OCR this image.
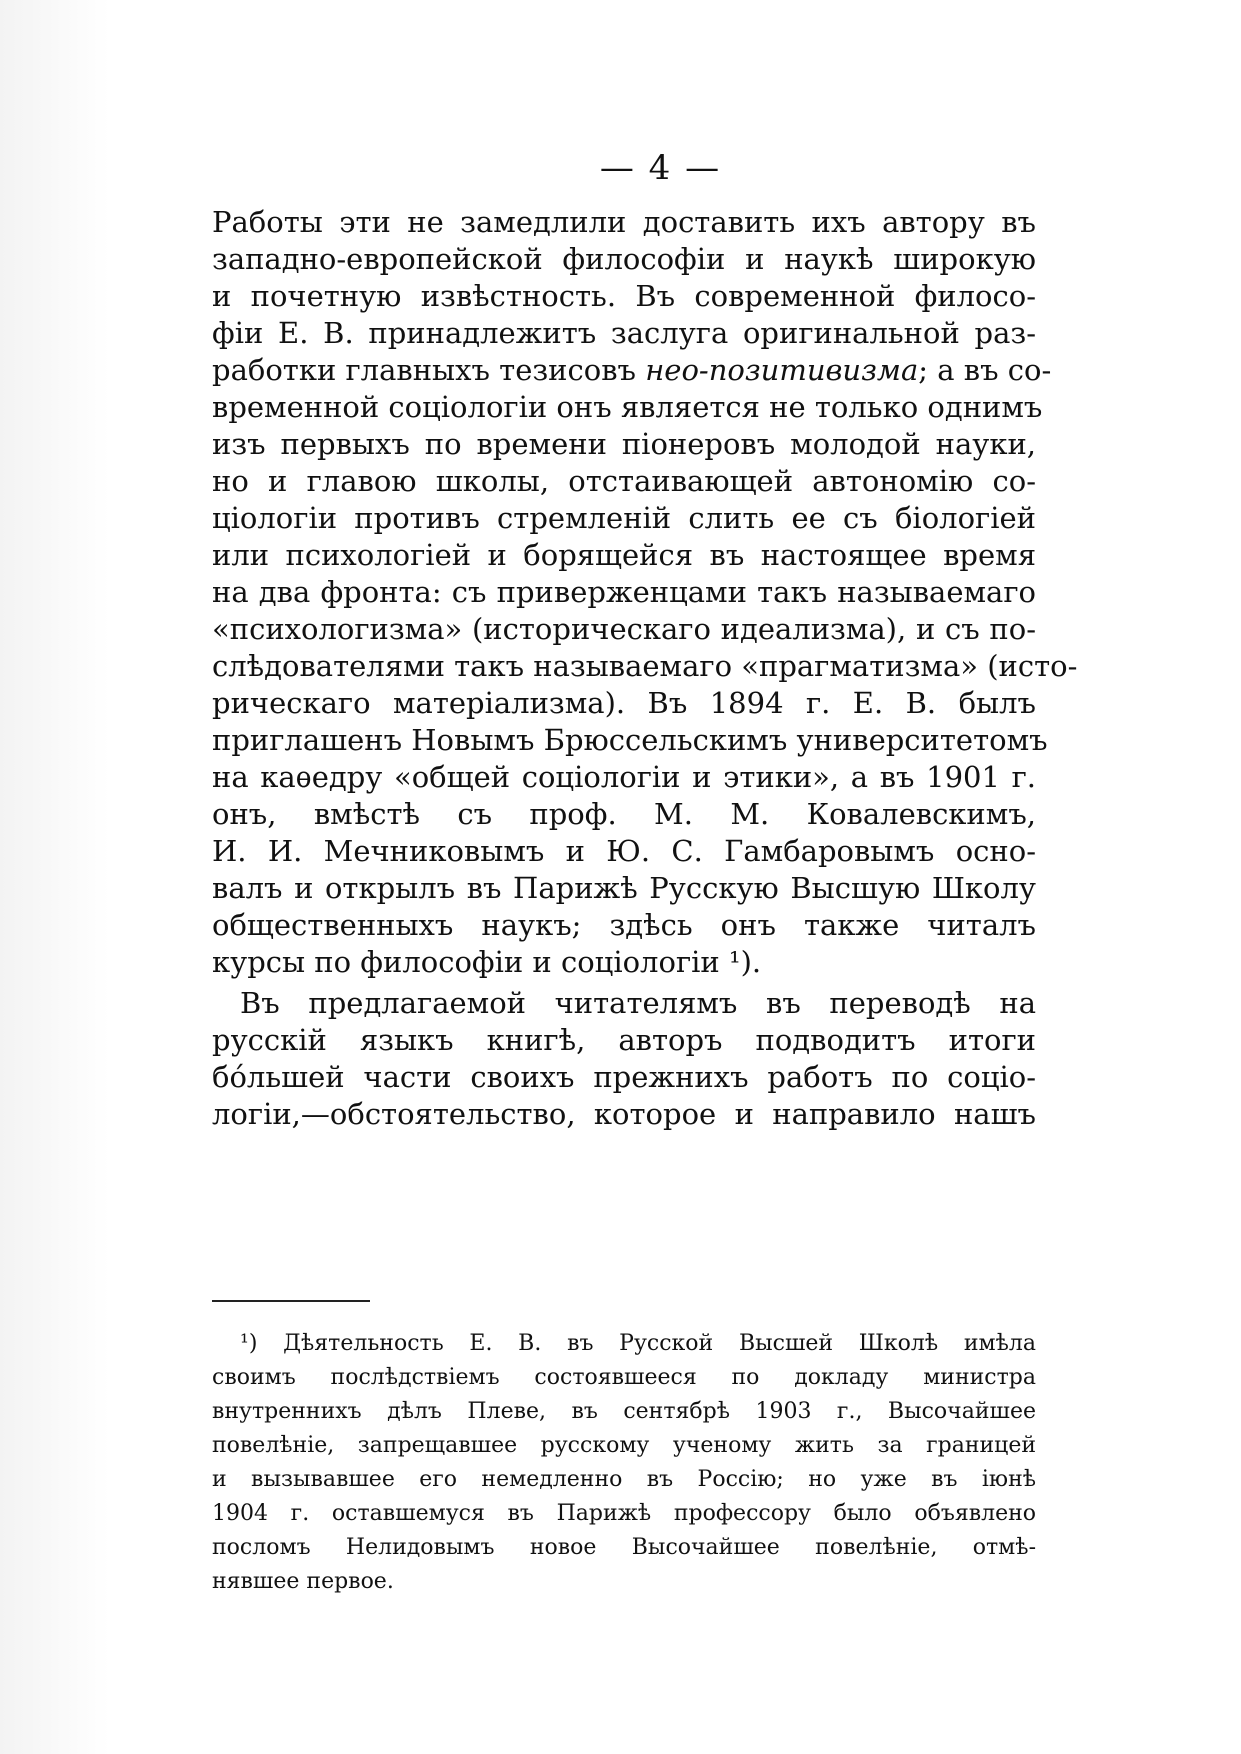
— 4 —
Работы эти не замедлили доставить ихъ автору въ
западно-европейской философіи и наукѣ широкую
и почетную извѣстность. Въ современной филосо-
фіи Е. В. принадлежитъ заслуга оригинальной раз-
работки главныхъ тезисовъ нео-позитивизма; а въ со-
временной соціологіи онъ является не только однимъ
изъ первыхъ по времени піонеровъ молодой науки,
но и главою школы, отстаивающей автономію со-
ціологіи противъ стремленій слить ее съ біологіей
или психологіей и борящейся въ настоящее время
на два фронта: съ приверженцами такъ называемаго
«психологизма» (историческаго идеализма), и съ по-
слѣдователями такъ называемаго «прагматизма» (исто-
рическаго матеріализма). Въ 1894 г. Е. В. былъ
приглашенъ Новымъ Брюссельскимъ университетомъ
на каѳедру «общей соціологіи и этики», а въ 1901 г.
онъ, вмѣстѣ съ проф. М. М. Ковалевскимъ,
И. И. Мечниковымъ и Ю. С. Гамбаровымъ осно-
валъ и открылъ въ Парижѣ Русскую Высшую Школу
общественныхъ наукъ; здѣсь онъ также читалъ
курсы по философіи и соціологіи ¹).
Въ предлагаемой читателямъ въ переводѣ на
русскій языкъ книгѣ, авторъ подводитъ итоги
бóльшей части своихъ прежнихъ работъ по соціо-
логіи,—обстоятельство, которое и направило нашъ
¹) Дѣятельность Е. В. въ Русской Высшей Школѣ имѣла
своимъ послѣдствіемъ состоявшееся по докладу министра
внутреннихъ дѣлъ Плеве, въ сентябрѣ 1903 г., Высочайшее
повелѣніе, запрещавшее русскому ученому жить за границей
и вызывавшее его немедленно въ Россію; но уже въ іюнѣ
1904 г. оставшемуся въ Парижѣ профессору было объявлено
посломъ Нелидовымъ новое Высочайшее повелѣніе, отмѣ-
нявшее первое.
